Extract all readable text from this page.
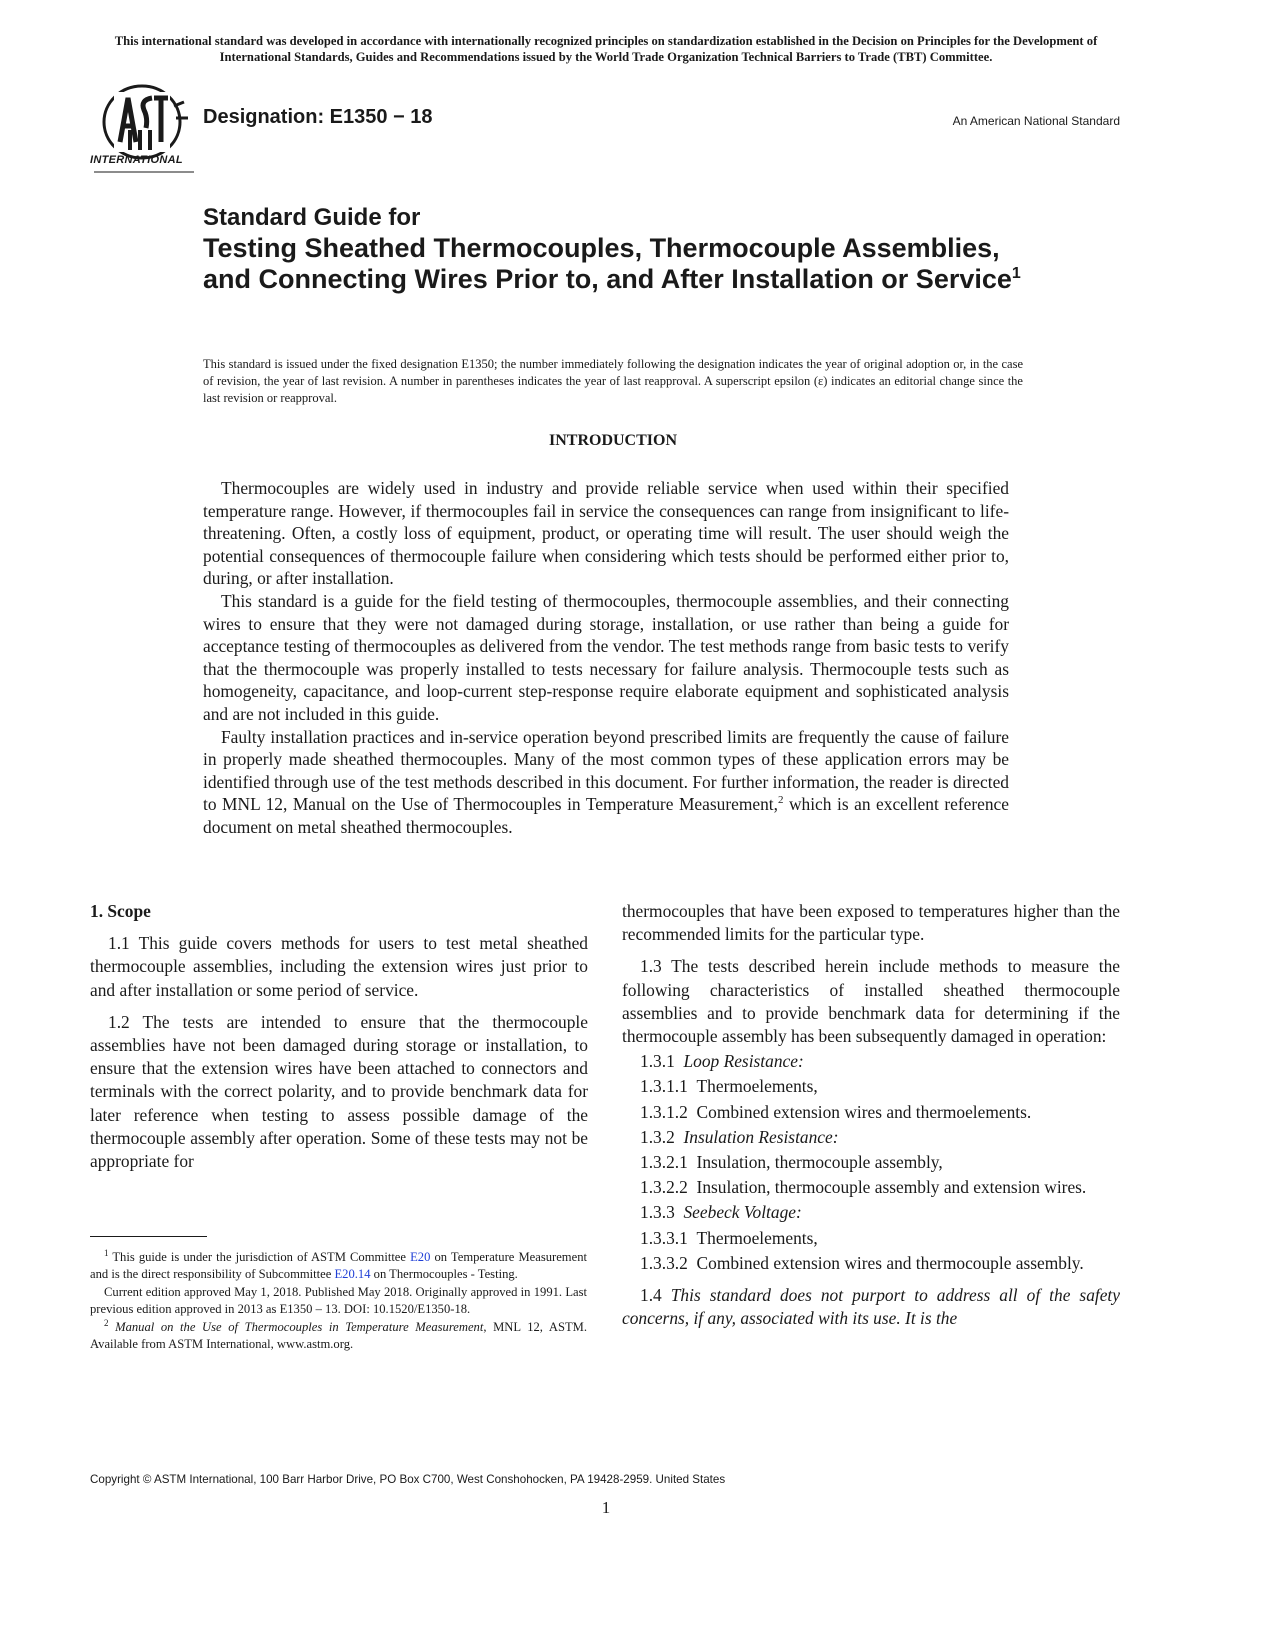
This international standard was developed in accordance with internationally recognized principles on standardization established in the Decision on Principles for the Development of International Standards, Guides and Recommendations issued by the World Trade Organization Technical Barriers to Trade (TBT) Committee.
INTERNATIONAL
Designation: E1350 − 18	An American National Standard
Standard Guide for
Testing Sheathed Thermocouples, Thermocouple Assemblies, and Connecting Wires Prior to, and After Installation or Service$^1$
This standard is issued under the fixed designation E1350; the number immediately following the designation indicates the year of original adoption or, in the case of revision, the year of last revision. A number in parentheses indicates the year of last reapproval. A superscript epsilon (ε) indicates an editorial change since the last revision or reapproval.
INTRODUCTION

Thermocouples are widely used in industry and provide reliable service when used within their specified temperature range. However, if thermocouples fail in service the consequences can range from insignificant to life-threatening. Often, a costly loss of equipment, product, or operating time will result. The user should weigh the potential consequences of thermocouple failure when considering which tests should be performed either prior to, during, or after installation.

This standard is a guide for the field testing of thermocouples, thermocouple assemblies, and their connecting wires to ensure that they were not damaged during storage, installation, or use rather than being a guide for acceptance testing of thermocouples as delivered from the vendor. The test methods range from basic tests to verify that the thermocouple was properly installed to tests necessary for failure analysis. Thermocouple tests such as homogeneity, capacitance, and loop-current step-response require elaborate equipment and sophisticated analysis and are not included in this guide.

Faulty installation practices and in-service operation beyond prescribed limits are frequently the cause of failure in properly made sheathed thermocouples. Many of the most common types of these application errors may be identified through use of the test methods described in this document. For further information, the reader is directed to MNL 12, Manual on the Use of Thermocouples in Temperature Measurement,$^2$ which is an excellent reference document on metal sheathed thermocouples.

1. Scope

1.1 This guide covers methods for users to test metal sheathed thermocouple assemblies, including the extension wires just prior to and after installation or some period of service.

1.2 The tests are intended to ensure that the thermocouple assemblies have not been damaged during storage or installation, to ensure that the extension wires have been attached to connectors and terminals with the correct polarity, and to provide benchmark data for later reference when testing to assess possible damage of the thermocouple assembly after operation. Some of these tests may not be appropriate for

thermocouples that have been exposed to temperatures higher than the recommended limits for the particular type.

1.3 The tests described herein include methods to measure the following characteristics of installed sheathed thermocouple assemblies and to provide benchmark data for determining if the thermocouple assembly has been subsequently damaged in operation:

1.3.1  Loop Resistance:

1.3.1.1  Thermoelements,

1.3.1.2  Combined extension wires and thermoelements.

1.3.2  Insulation Resistance:

1.3.2.1  Insulation, thermocouple assembly,

1.3.2.2  Insulation, thermocouple assembly and extension wires.

1.3.3  Seebeck Voltage:

1.3.3.1  Thermoelements,

1.3.3.2  Combined extension wires and thermocouple assembly.

1.4 This standard does not purport to address all of the safety concerns, if any, associated with its use. It is the

$^1$ This guide is under the jurisdiction of ASTM Committee E20 on Temperature Measurement and is the direct responsibility of Subcommittee E20.14 on Thermocouples - Testing.

Current edition approved May 1, 2018. Published May 2018. Originally approved in 1991. Last previous edition approved in 2013 as E1350 – 13. DOI: 10.1520/E1350-18.

$^2$ Manual on the Use of Thermocouples in Temperature Measurement, MNL 12, ASTM. Available from ASTM International, www.astm.org.

Copyright © ASTM International, 100 Barr Harbor Drive, PO Box C700, West Conshohocken, PA 19428-2959. United States
1
